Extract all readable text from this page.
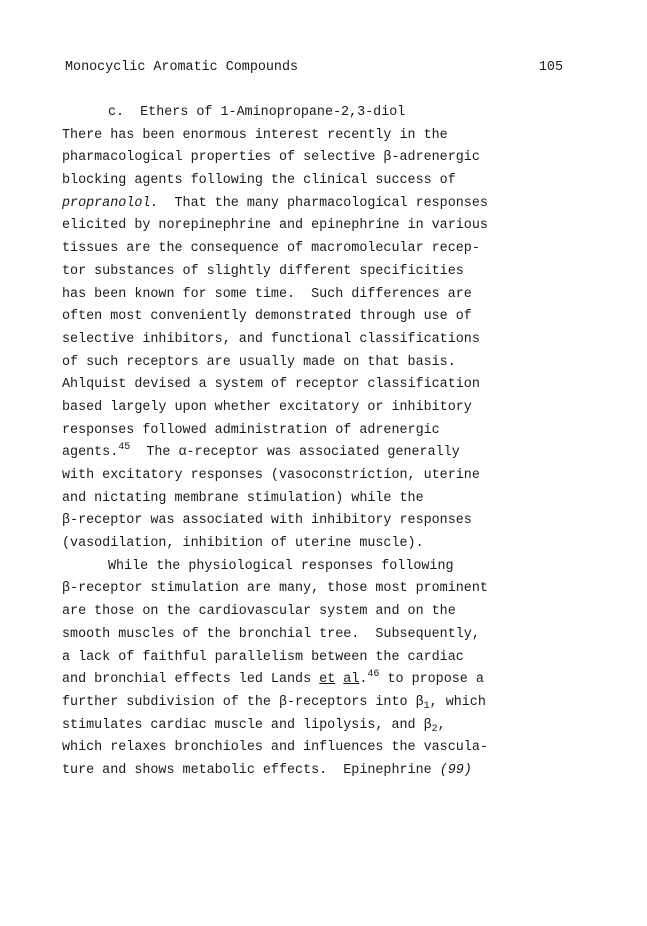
Monocyclic Aromatic Compounds

	105

c.  Ethers of 1-Aminopropane-2,3-diol
There has been enormous interest recently in the
pharmacological properties of selective β-adrenergic
blocking agents following the clinical success of
propranolol.  That the many pharmacological responses
elicited by norepinephrine and epinephrine in various
tissues are the consequence of macromolecular recep-
tor substances of slightly different specificities
has been known for some time.  Such differences are
often most conveniently demonstrated through use of
selective inhibitors, and functional classifications
of such receptors are usually made on that basis.
Ahlquist devised a system of receptor classification
based largely upon whether excitatory or inhibitory
responses followed administration of adrenergic
agents.$^{45}$  The α-receptor was associated generally
with excitatory responses (vasoconstriction, uterine
and nictating membrane stimulation) while the
β-receptor was associated with inhibitory responses
(vasodilation, inhibition of uterine muscle).
While the physiological responses following
β-receptor stimulation are many, those most prominent
are those on the cardiovascular system and on the
smooth muscles of the bronchial tree.  Subsequently,
a lack of faithful parallelism between the cardiac
and bronchial effects led Lands et al.$^{46}$ to propose a
further subdivision of the β-receptors into $\beta_1$, which
stimulates cardiac muscle and lipolysis, and $\beta_2$,
which relaxes bronchioles and influences the vascula-
ture and shows metabolic effects.  Epinephrine (99)
